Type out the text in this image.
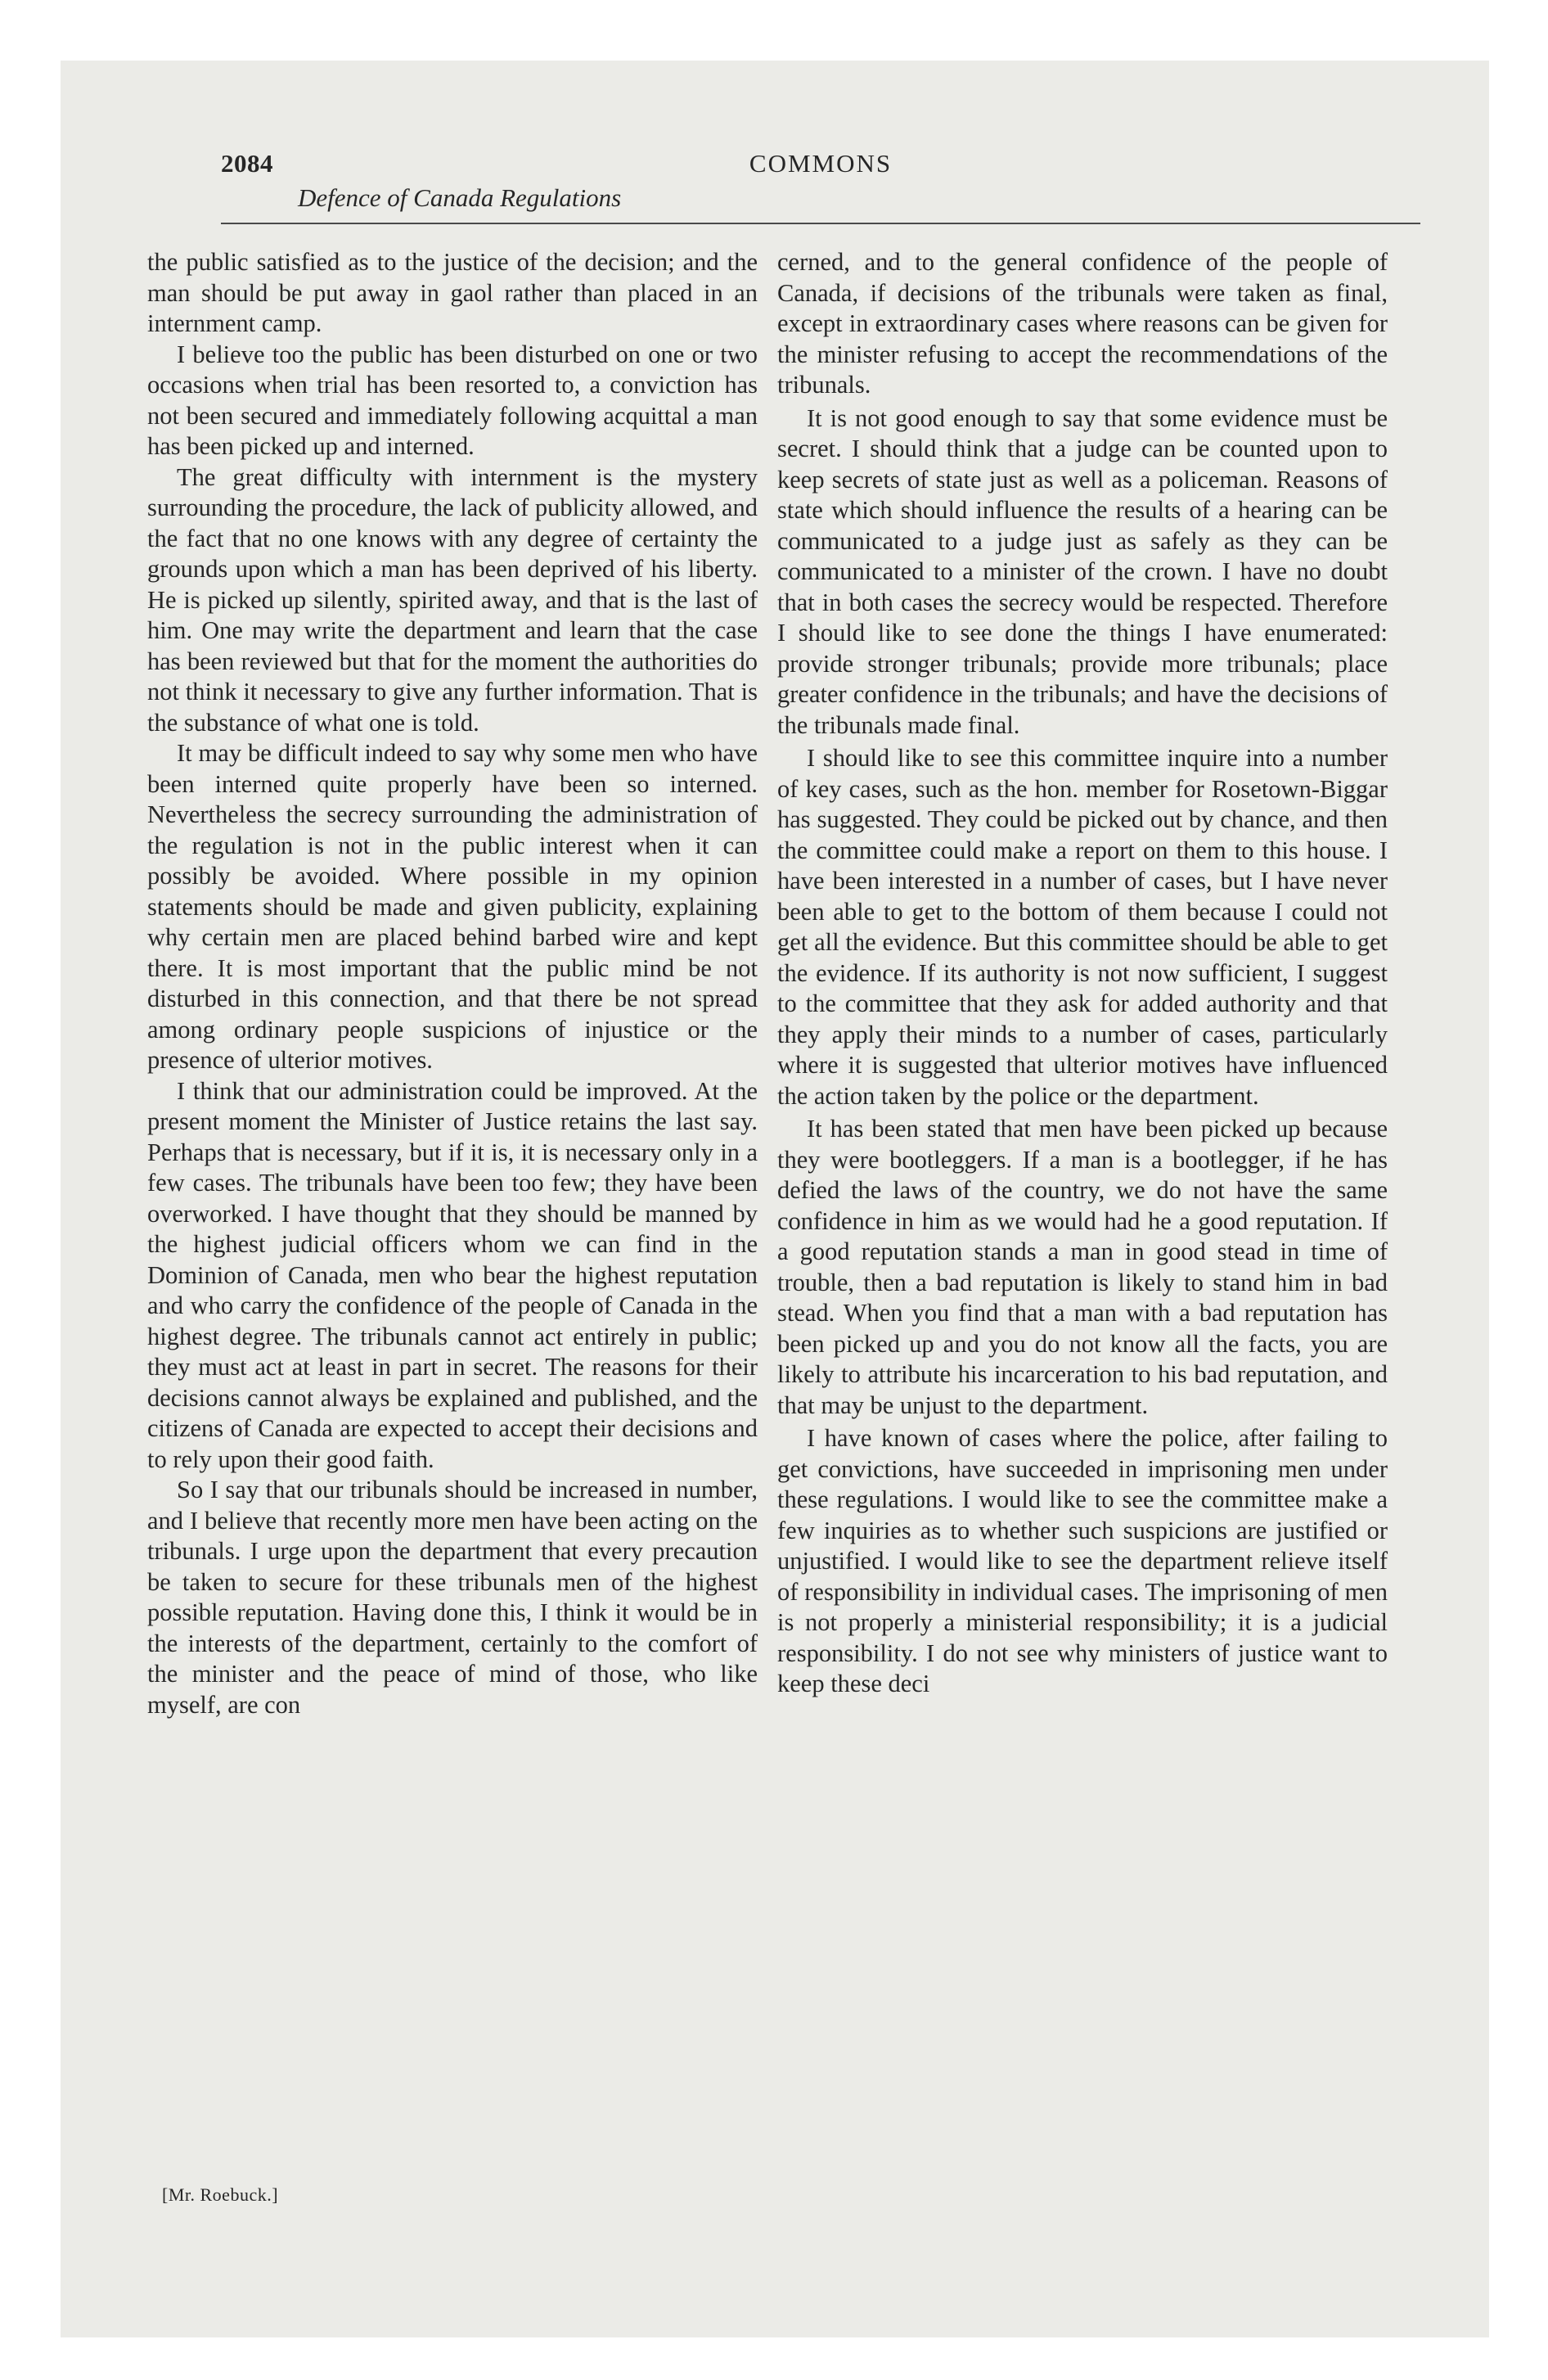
2084	COMMONS
Defence of Canada Regulations

the public satisfied as to the justice of the decision; and the man should be put away in gaol rather than placed in an internment camp.

I believe too the public has been disturbed on one or two occasions when trial has been resorted to, a conviction has not been secured and immediately following acquittal a man has been picked up and interned.

The great difficulty with internment is the mystery surrounding the procedure, the lack of publicity allowed, and the fact that no one knows with any degree of certainty the grounds upon which a man has been deprived of his liberty. He is picked up silently, spirited away, and that is the last of him. One may write the department and learn that the case has been reviewed but that for the moment the authorities do not think it necessary to give any further information. That is the substance of what one is told.

It may be difficult indeed to say why some men who have been interned quite properly have been so interned. Nevertheless the secrecy surrounding the administration of the regulation is not in the public interest when it can possibly be avoided. Where possible in my opinion statements should be made and given publicity, explaining why certain men are placed behind barbed wire and kept there. It is most important that the public mind be not disturbed in this connection, and that there be not spread among ordinary people suspicions of injustice or the presence of ulterior motives.

I think that our administration could be improved. At the present moment the Minister of Justice retains the last say. Perhaps that is necessary, but if it is, it is necessary only in a few cases. The tribunals have been too few; they have been overworked. I have thought that they should be manned by the highest judicial officers whom we can find in the Dominion of Canada, men who bear the highest reputation and who carry the confidence of the people of Canada in the highest degree. The tribunals cannot act entirely in public; they must act at least in part in secret. The reasons for their decisions cannot always be explained and published, and the citizens of Canada are expected to accept their decisions and to rely upon their good faith.

So I say that our tribunals should be increased in number, and I believe that recently more men have been acting on the tribunals. I urge upon the department that every precaution be taken to secure for these tribunals men of the highest possible reputation. Having done this, I think it would be in the interests of the department, certainly to the comfort of the minister and the peace of mind of those, who like myself, are con

cerned, and to the general confidence of the people of Canada, if decisions of the tribunals were taken as final, except in extraordinary cases where reasons can be given for the minister refusing to accept the recommendations of the tribunals.

It is not good enough to say that some evidence must be secret. I should think that a judge can be counted upon to keep secrets of state just as well as a policeman. Reasons of state which should influence the results of a hearing can be communicated to a judge just as safely as they can be communicated to a minister of the crown. I have no doubt that in both cases the secrecy would be respected. Therefore I should like to see done the things I have enumerated: provide stronger tribunals; provide more tribunals; place greater confidence in the tribunals; and have the decisions of the tribunals made final.

I should like to see this committee inquire into a number of key cases, such as the hon. member for Rosetown-Biggar has suggested. They could be picked out by chance, and then the committee could make a report on them to this house. I have been interested in a number of cases, but I have never been able to get to the bottom of them because I could not get all the evidence. But this committee should be able to get the evidence. If its authority is not now sufficient, I suggest to the committee that they ask for added authority and that they apply their minds to a number of cases, particularly where it is suggested that ulterior motives have influenced the action taken by the police or the department.

It has been stated that men have been picked up because they were bootleggers. If a man is a bootlegger, if he has defied the laws of the country, we do not have the same confidence in him as we would had he a good reputation. If a good reputation stands a man in good stead in time of trouble, then a bad reputation is likely to stand him in bad stead. When you find that a man with a bad reputation has been picked up and you do not know all the facts, you are likely to attribute his incarceration to his bad reputation, and that may be unjust to the department.

I have known of cases where the police, after failing to get convictions, have succeeded in imprisoning men under these regulations. I would like to see the committee make a few inquiries as to whether such suspicions are justified or unjustified. I would like to see the department relieve itself of responsibility in individual cases. The imprisoning of men is not properly a ministerial responsibility; it is a judicial responsibility. I do not see why ministers of justice want to keep these deci

[Mr. Roebuck.]
